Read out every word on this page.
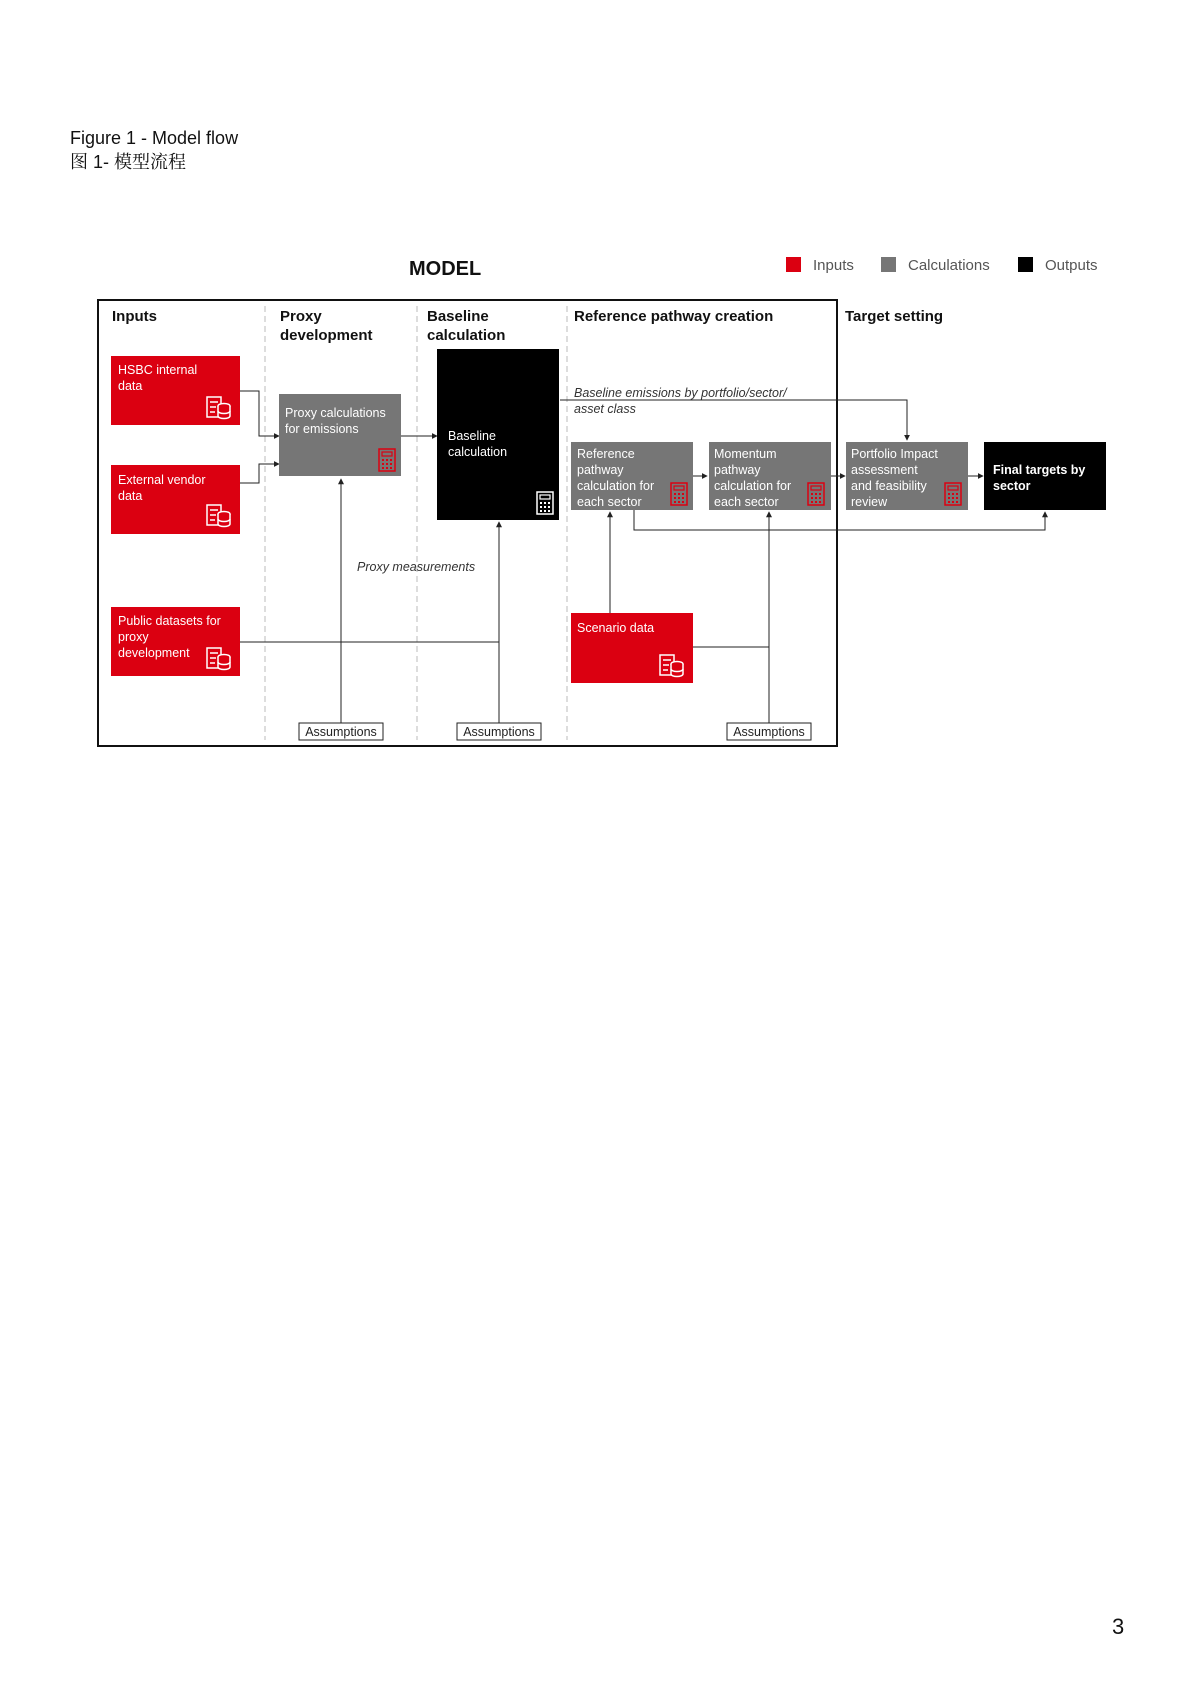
Figure 1 - Model flow
图 1- 模型流程
MODEL	Inputs	Calculations	Outputs
Inputs	Proxy development
Baseline calculation
Reference pathway creation	Target setting
HSBC internal data
External vendor data
Public datasets for proxy development
Proxy calculations for emissions	Baseline calculation
Baseline emissions by portfolio/sector/ asset class
Reference pathway calculation for each sector
Momentum pathway calculation for each sector
Portfolio Impact assessment and feasibility review
Final targets by sector
Proxy measurements
Scenario data
Assumptions	Assumptions	Assumptions
3
